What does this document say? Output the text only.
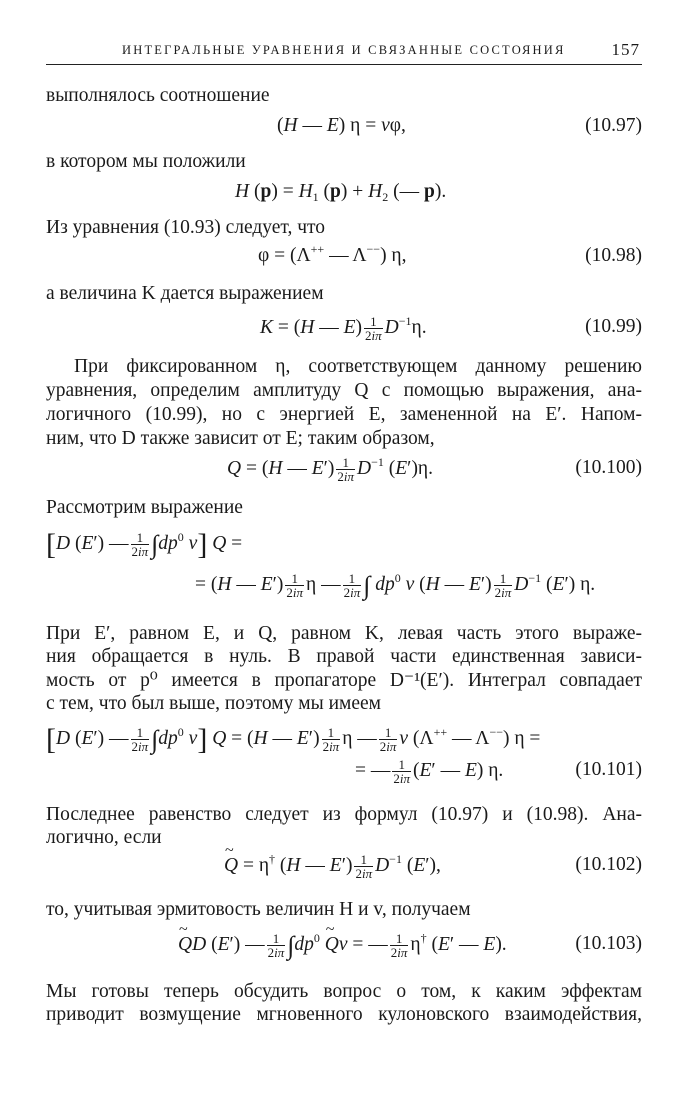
ИНТЕГРАЛЬНЫЕ УРАВНЕНИЯ И СВЯЗАННЫЕ СОСТОЯНИЯ	157
выполнялось соотношение
(H — E) η = vφ,	(10.97)
в котором мы положили
H $(p) = H_1$ $(p) + H_2$ (— p).
Из уравнения (10.93) следует, что
φ = (Λ++ — Λ−−) η,	(10.98)
а величина K дается выражением
K = (H — $E) \frac{1}{2i\pi} D^{-1}\eta$.	(10.99)
При фиксированном η, соответствующем данному решению
уравнения, определим амплитуду Q с помощью выражения, ана-
логичного (10.99), но с энергией E, замененной на E′. Напом-
ним, что D также зависит от E; таким образом,
Q = (H — $E') \frac{1}{2i\pi} D^{-1}$ (E′)η.	(10.100)
Рассмотрим выражение
[D (E′) — $\frac{1}{2i\pi} \int dp^0$ v] Q =
= (H — $E') \frac{1}{2i\pi}$ η — $\frac{1}{2i\pi}$ ∫ $dp^0$ v (H — $E') \frac{1}{2i\pi} D^{-1}$ (E′) η.
При E′, равном E, и Q, равном K, левая часть этого выраже-
ния обращается в нуль. В правой части единственная зависи-
мость от p⁰ имеется в пропагаторе D⁻¹(E′). Интеграл совпадает
с тем, что был выше, поэтому мы имеем
[D (E′) — $\frac{1}{2i\pi} \int dp^0$ v] Q = (H — $E') \frac{1}{2i\pi}$ η — $\frac{1}{2i\pi}$ v (Λ++ — Λ−−) η =
= — $\frac{1}{2i\pi} (E'$ — E) η.	(10.101)
Последнее равенство следует из формул (10.97) и (10.98). Ана-
логично, если
Q ~ = η† (H — $E') \frac{1}{2i\pi} D^{-1}$ (E′),	(10.102)
то, учитывая эрмитовость величин H и v, получаем
Q ~D (E′) — $\frac{1}{2i\pi} \int dp^0$ Q ~v = — $\frac{1}{2i\pi} \eta^\dagger$ (E′ — E).	(10.103)
Мы готовы теперь обсудить вопрос о том, к каким эффектам
приводит возмущение мгновенного кулоновского взаимодействия,
